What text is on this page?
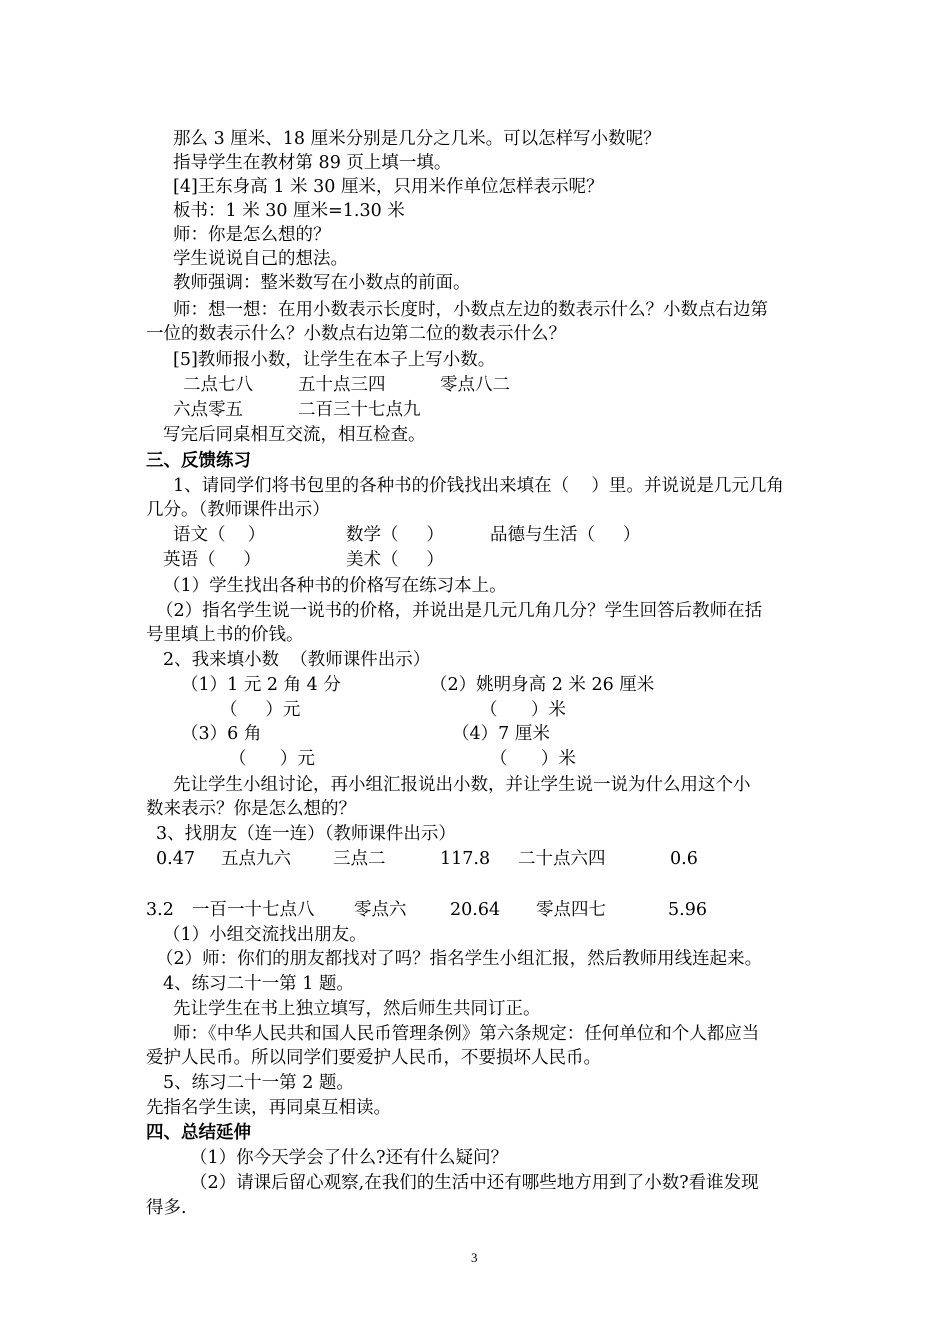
那么 3 厘米、18 厘米分别是几分之几米。可以怎样写小数呢？
指导学生在教材第 89 页上填一填。
[4]王东身高 1 米 30 厘米，只用米作单位怎样表示呢？
板书：1 米 30 厘米=1.30 米
师：你是怎么想的？
学生说说自己的想法。
教师强调：整米数写在小数点的前面。
师：想一想：在用小数表示长度时，小数点左边的数表示什么？小数点右边第
一位的数表示什么？小数点右边第二位的数表示什么？
[5]教师报小数，让学生在本子上写小数。
二点七八	五十点三四	零点八二
六点零五	二百三十七点九
写完后同桌相互交流，相互检查。
三、反馈练习
1、请同学们将书包里的各种书的价钱找出来填在（    ）里。并说说是几元几角
几分。（教师课件出示）
语文（    ）	数学（     ）	品德与生活（     ）
英语（     ）	美术（     ）
（1）学生找出各种书的价格写在练习本上。
（2）指名学生说一说书的价格，并说出是几元几角几分？学生回答后教师在括
号里填上书的价钱。
2、我来填小数  （教师课件出示）
（1）1 元 2 角 4 分	（2）姚明身高 2 米 26 厘米
（     ）元	（      ）米
（3）6 角	（4）7 厘米
（      ）元	（      ）米
先让学生小组讨论，再小组汇报说出小数，并让学生说一说为什么用这个小
数来表示？你是怎么想的？
3、找朋友（连一连）（教师课件出示）
0.47 五点九六 三点二	117.8 二十点六四	0.6
3.2 一百一十七点八 零点六 20.64 零点四七	5.96
（1）小组交流找出朋友。
（2）师：你们的朋友都找对了吗？指名学生小组汇报，然后教师用线连起来。
4、练习二十一第 1 题。
先让学生在书上独立填写，然后师生共同订正。
师：《中华人民共和国人民币管理条例》第六条规定：任何单位和个人都应当
爱护人民币。所以同学们要爱护人民币，不要损坏人民币。
5、练习二十一第 2 题。
先指名学生读，再同桌互相读。
四、总结延伸
（1）你今天学会了什么?还有什么疑问？
（2）请课后留心观察,在我们的生活中还有哪些地方用到了小数?看谁发现
得多.
3
